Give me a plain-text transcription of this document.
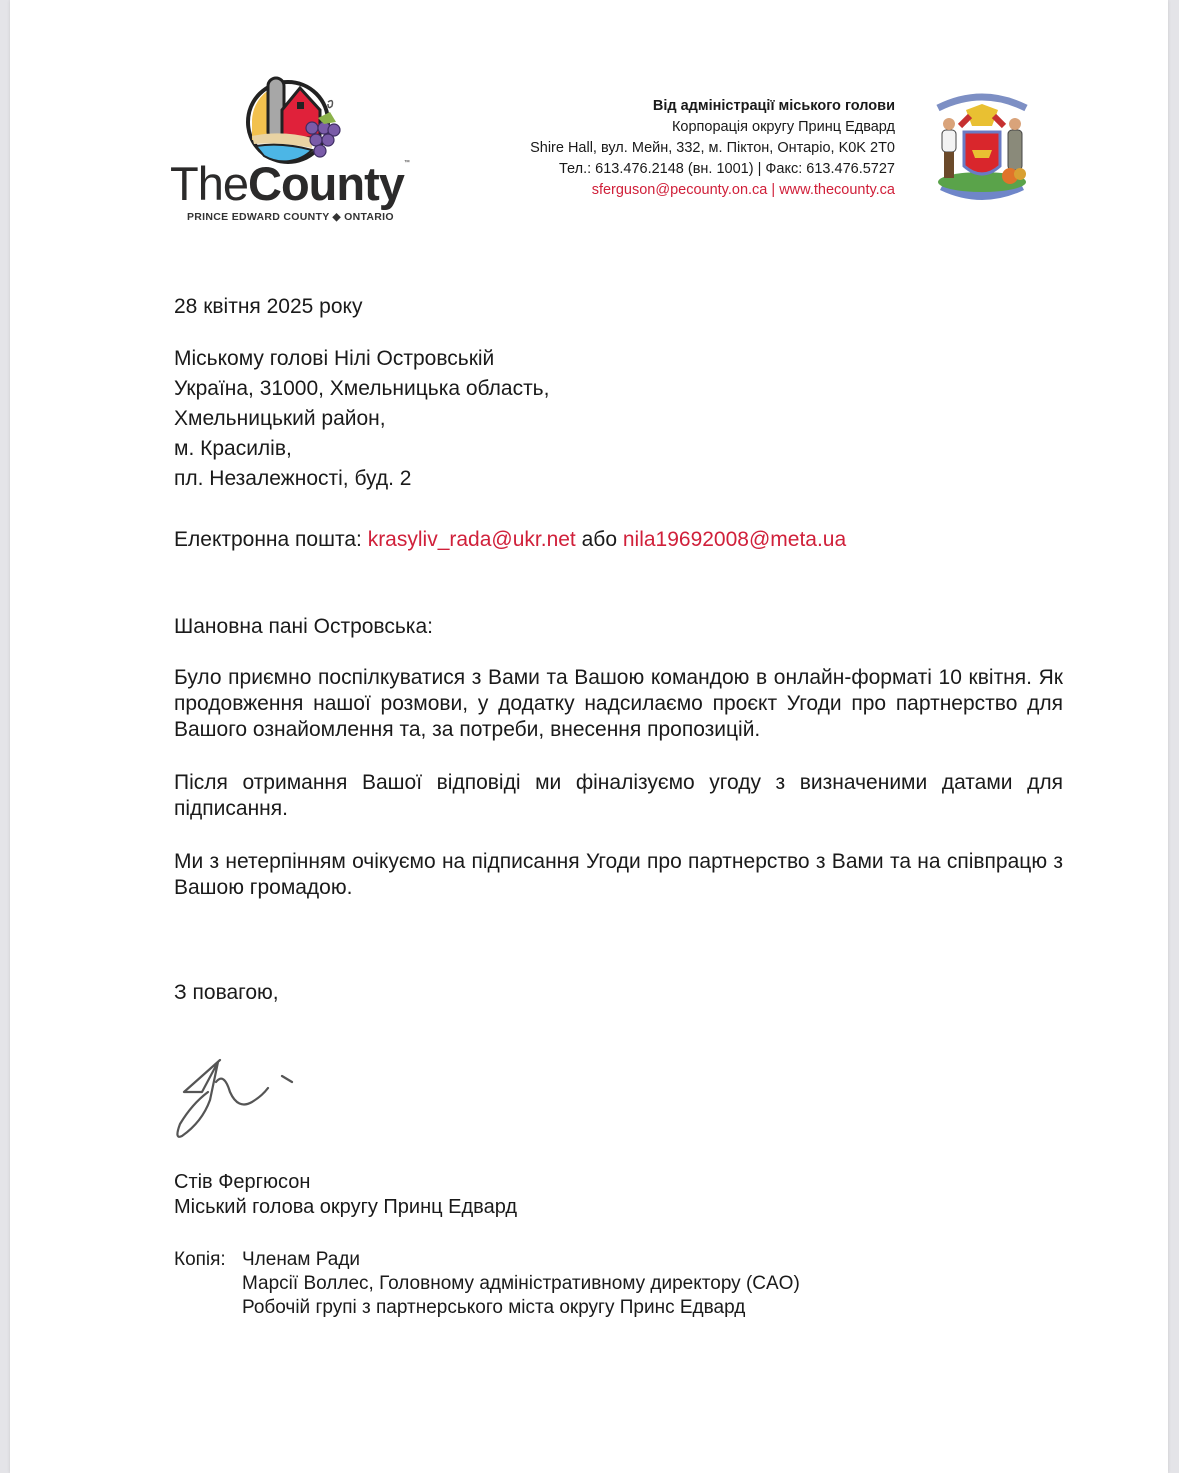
TheCounty™
PRINCE EDWARD COUNTY ◆ ONTARIO
Від адміністрації міського голови
Корпорація округу Принц Едвард
Shire Hall, вул. Мейн, 332, м. Піктон, Онтаріо, K0K 2T0
Тел.: 613.476.2148 (вн. 1001) | Факс: 613.476.5727
sferguson@pecounty.on.ca | www.thecounty.ca
28 квітня 2025 року
Міському голові Нілі Островській
Україна, 31000, Хмельницька область,
Хмельницький район,
м. Красилів,
пл. Незалежності, буд. 2
Електронна пошта: krasyliv_rada@ukr.net або nila19692008@meta.ua
Шановна пані Островська:
Було приємно поспілкуватися з Вами та Вашою командою в онлайн-форматі 10 квітня. Як продовження нашої розмови, у додатку надсилаємо проєкт Угоди про партнерство для Вашого ознайомлення та, за потреби, внесення пропозицій.
Після отримання Вашої відповіді ми фіналізуємо угоду з визначеними датами для підписання.
Ми з нетерпінням очікуємо на підписання Угоди про партнерство з Вами та на співпрацю з Вашою громадою.
З повагою,
Стів Фергюсон
Міський голова округу Принц Едвард
Копія: Членам Ради
Марсії Воллес, Головному адміністративному директору (CAO)
Робочій групі з партнерського міста округу Принс Едвард
